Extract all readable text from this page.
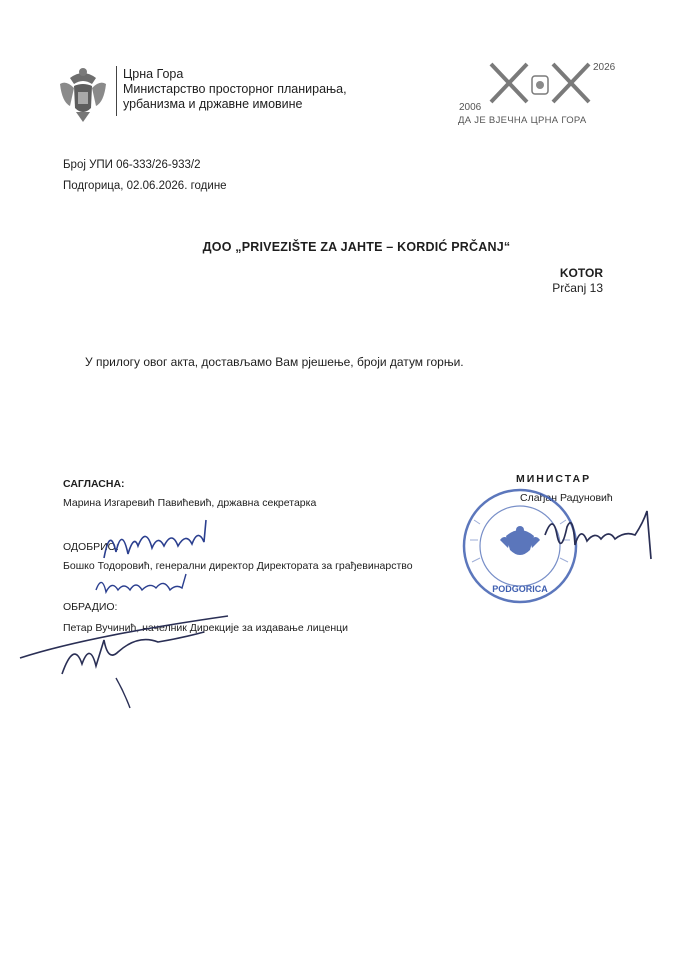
Црна Гора
Министарство просторног планирања,
урбанизма и државне имовине	2006
2026
ДА ЈЕ ВЈЕЧНА ЦРНА ГОРА
Број УПИ 06-333/26-933/2
Подгорица, 02.06.2026. године
ДОО „PRIVEZIŠTE ZA JAHTE – KORDIĆ PRČANJ“
KOTOR
Prčanj 13
У прилогу овог акта, достављамо Вам рјешење, броји датум горњи.
САГЛАСНА:
Марина Изгаревић Павићевић, државна секретарка
ОДОБРИО:
Бошко Тодоровић, генерални директор Директората за грађевинарство
ОБРАДИО:
Петар Вучинић, начелник Дирекције за издавање лиценци
МИНИСТАР
Слађан Радуновић
PODGORICA
